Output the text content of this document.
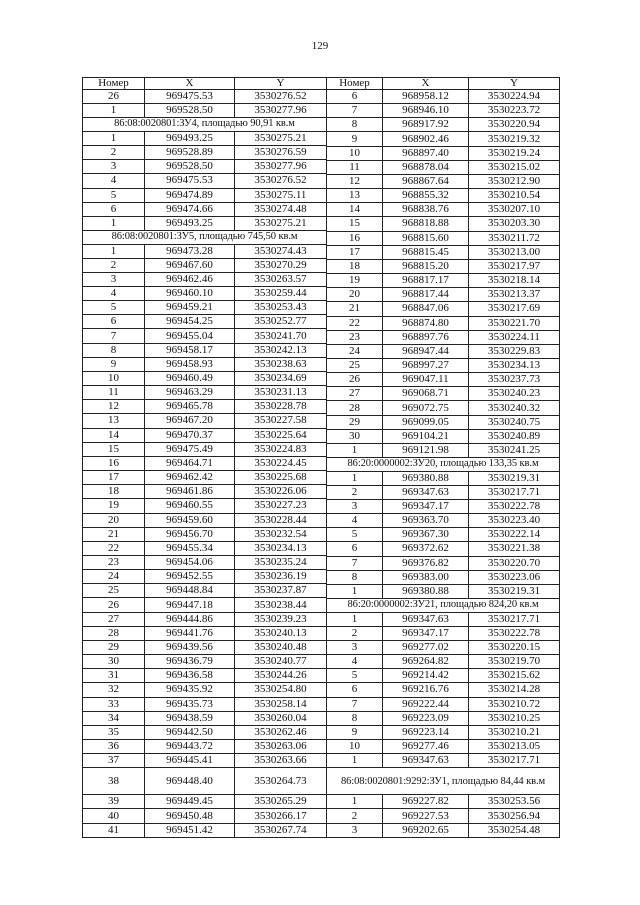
129
Номер	X	Y
26	969475.53	3530276.52
1	969528.50	3530277.96
86:08:0020801:ЗУ4, площадью 90,91 кв.м		
1	969493.25	3530275.21
2	969528.89	3530276.59
3	969528.50	3530277.96
4	969475.53	3530276.52
5	969474.89	3530275.11
6	969474.66	3530274.48
1	969493.25	3530275.21
86:08:0020801:ЗУ5, площадью 745,50 кв.м		
1	969473.28	3530274.43
2	969467.60	3530270.29
3	969462.46	3530263.57
4	969460.10	3530259.44
5	969459.21	3530253.43
6	969454.25	3530252.77
7	969455.04	3530241.70
8	969458.17	3530242.13
9	969458.93	3530238.63
10	969460.49	3530234.69
11	969463.29	3530231.13
12	969465.78	3530228.78
13	969467.20	3530227.58
14	969470.37	3530225.64
15	969475.49	3530224.83
16	969464.71	3530224.45
17	969462.42	3530225.68
18	969461.86	3530226.06
19	969460.55	3530227.23
20	969459.60	3530228.44
21	969456.70	3530232.54
22	969455.34	3530234.13
23	969454.06	3530235.24
24	969452.55	3530236.19
25	969448.84	3530237.87
26	969447.18	3530238.44
27	969444.86	3530239.23
28	969441.76	3530240.13
29	969439.56	3530240.48
30	969436.79	3530240.77
31	969436.58	3530244.26
32	969435.92	3530254.80
33	969435.73	3530258.14
34	969438.59	3530260.04
35	969442.50	3530262.46
36	969443.72	3530263.06
37	969445.41	3530263.66
38	969448.40	3530264.73
39	969449.45	3530265.29
40	969450.48	3530266.17
41	969451.42	3530267.74
Номер	X	Y
6	968958.12	3530224.94
7	968946.10	3530223.72
8	968917.92	3530220.94
9	968902.46	3530219.32
10	968897.40	3530219.24
11	968878.04	3530215.02
12	968867.64	3530212.90
13	968855.32	3530210.54
14	968838.76	3530207.10
15	968818.88	3530203.30
16	968815.60	3530211.72
17	968815.45	3530213.00
18	968815.20	3530217.97
19	968817.17	3530218.14
20	968817.44	3530213.37
21	968847.06	3530217.69
22	968874.80	3530221.70
23	968897.76	3530224.11
24	968947.44	3530229.83
25	968997.27	3530234.13
26	969047.11	3530237.73
27	969068.71	3530240.23
28	969072.75	3530240.32
29	969099.05	3530240.75
30	969104.21	3530240.89
1	969121.98	3530241.25
86:20:0000002:ЗУ20, площадью 133,35 кв.м		
1	969380.88	3530219.31
2	969347.63	3530217.71
3	969347.17	3530222.78
4	969363.70	3530223.40
5	969367.30	3530222.14
6	969372.62	3530221.38
7	969376.82	3530220.70
8	969383.00	3530223.06
1	969380.88	3530219.31
86:20:0000002:ЗУ21, площадью 824,20 кв.м		
1	969347.63	3530217.71
2	969347.17	3530222.78
3	969277.02	3530220.15
4	969264.82	3530219.70
5	969214.42	3530215.62
6	969216.76	3530214.28
7	969222.44	3530210.72
8	969223.09	3530210.25
9	969223.14	3530210.21
10	969277.46	3530213.05
1	969347.63	3530217.71
86:08:0020801:9292:ЗУ1, площадью 84,44 кв.м		
1	969227.82	3530253.56
2	969227.53	3530256.94
3	969202.65	3530254.48
